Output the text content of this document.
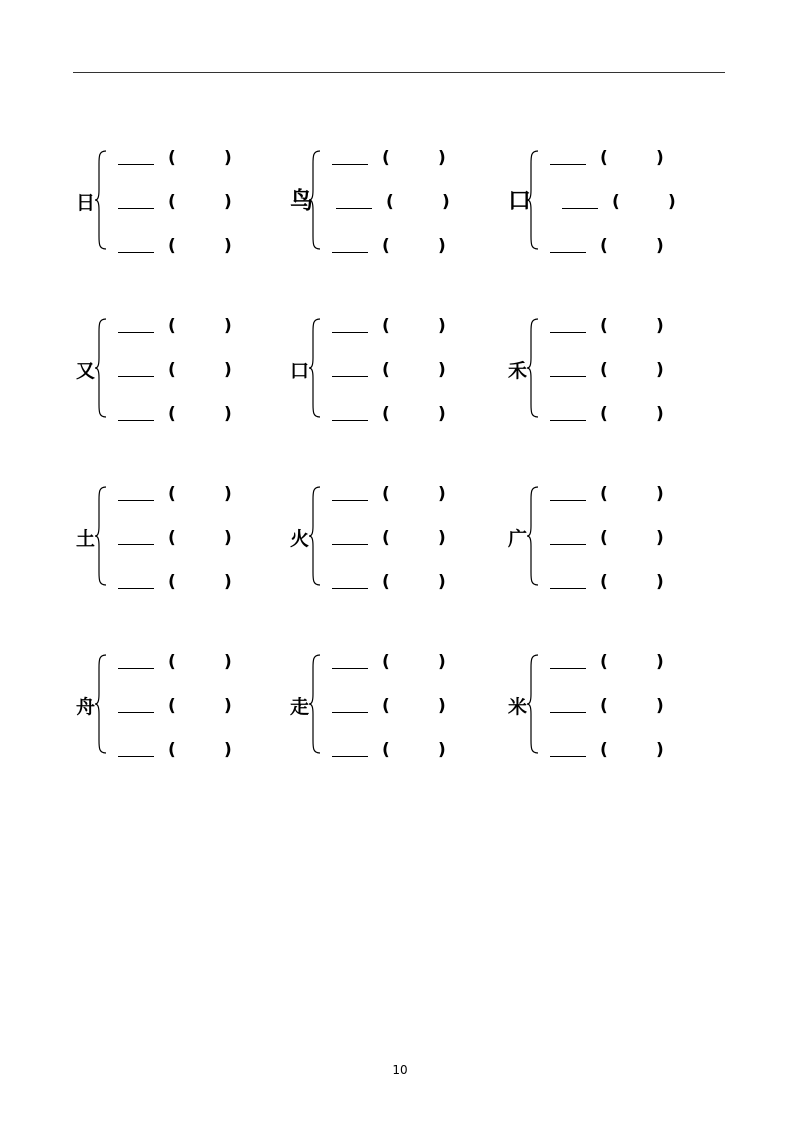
日
(	)
(	)
(	)
鸟
(	)
(	)
(	)
口
(	)
(	)
(	)
又
(	)
(	)
(	)
口
(	)
(	)
(	)
禾
(	)
(	)
(	)
土
(	)
(	)
(	)
火
(	)
(	)
(	)
广
(	)
(	)
(	)
舟
(	)
(	)
(	)
走
(	)
(	)
(	)
米
(	)
(	)
(	)
10
